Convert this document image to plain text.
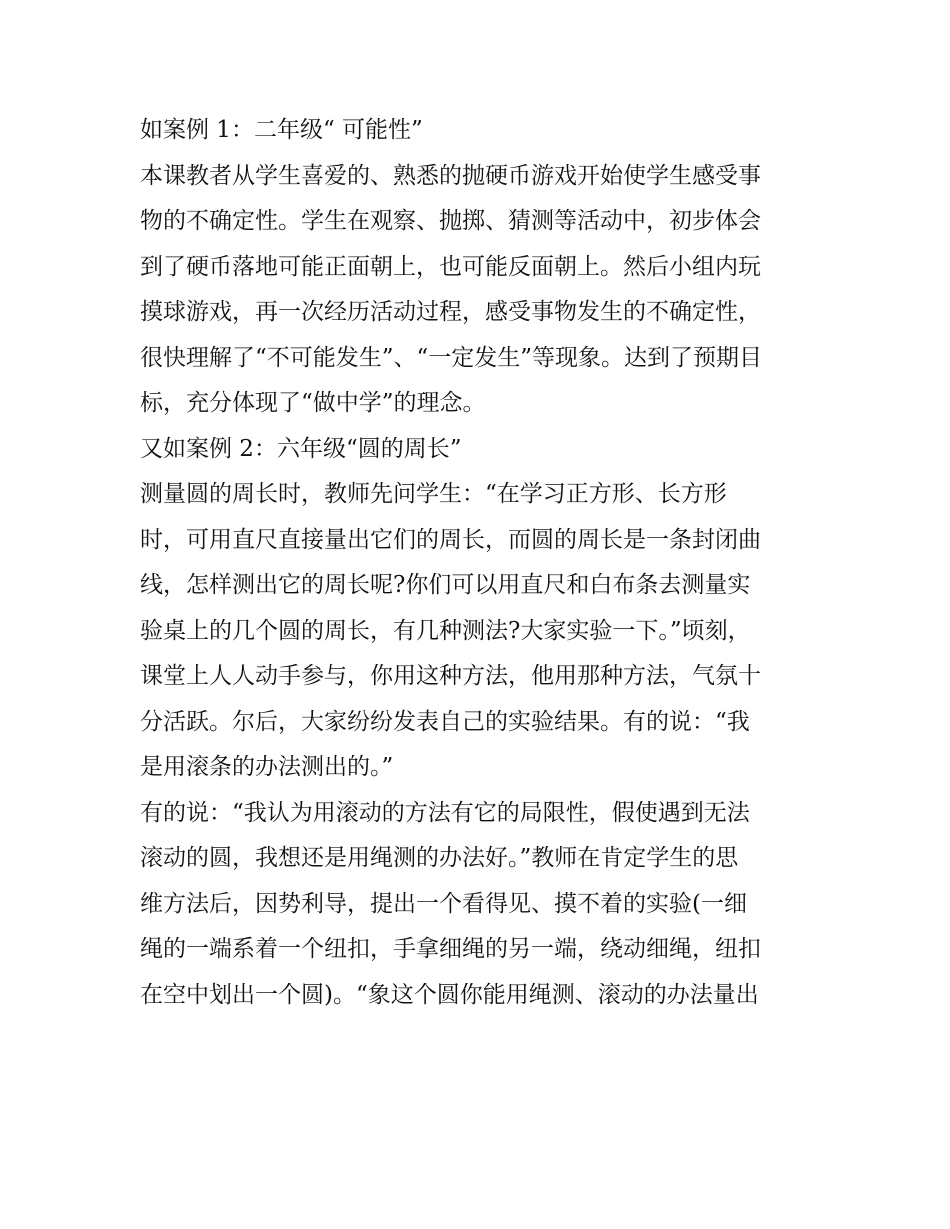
如案例 1：二年级“ 可能性”
本课教者从学生喜爱的、熟悉的抛硬币游戏开始使学生感受事
物的不确定性。学生在观察、抛掷、猜测等活动中，初步体会
到了硬币落地可能正面朝上，也可能反面朝上。然后小组内玩
摸球游戏，再一次经历活动过程，感受事物发生的不确定性，
很快理解了“不可能发生”、“一定发生”等现象。达到了预期目
标，充分体现了“做中学”的理念。
又如案例 2：六年级“圆的周长”
测量圆的周长时，教师先问学生：“在学习正方形、长方形
时，可用直尺直接量出它们的周长，而圆的周长是一条封闭曲
线，怎样测出它的周长呢?你们可以用直尺和白布条去测量实
验桌上的几个圆的周长，有几种测法?大家实验一下。”顷刻，
课堂上人人动手参与，你用这种方法，他用那种方法，气氛十
分活跃。尔后，大家纷纷发表自己的实验结果。有的说：“我
是用滚条的办法测出的。”
有的说：“我认为用滚动的方法有它的局限性，假使遇到无法
滚动的圆，我想还是用绳测的办法好。”教师在肯定学生的思
维方法后，因势利导，提出一个看得见、摸不着的实验(一细
绳的一端系着一个纽扣，手拿细绳的另一端，绕动细绳，纽扣
在空中划出一个圆)。“象这个圆你能用绳测、滚动的办法量出
